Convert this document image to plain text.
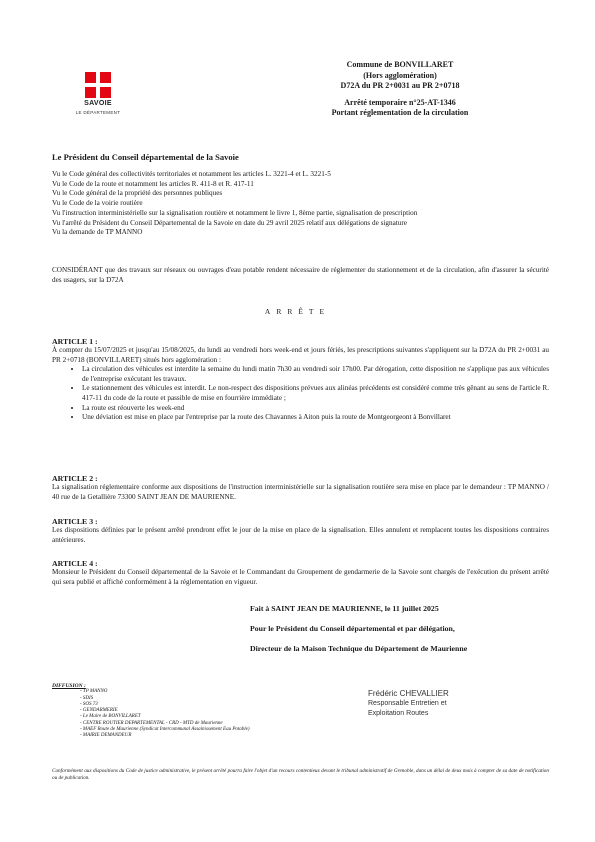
SAVOIE
LE DÉPARTEMENT
Commune de BONVILLARET
(Hors agglomération)
D72A du PR 2+0031 au PR 2+0718
Arrêté temporaire n°25-AT-1346
Portant réglementation de la circulation
Le Président du Conseil départemental de la Savoie
Vu le Code général des collectivités territoriales et notamment les articles L. 3221-4 et L. 3221-5
Vu le Code de la route et notamment les articles R. 411-8 et R. 417-11
Vu le Code général de la propriété des personnes publiques
Vu le Code de la voirie routière
Vu l'instruction interministérielle sur la signalisation routière et notamment le livre 1, 8ème partie, signalisation de prescription
Vu l'arrêté du Président du Conseil Départemental de la Savoie en date du 29 avril 2025 relatif aux délégations de signature
Vu la demande de TP MANNO
CONSIDÉRANT que des travaux sur réseaux ou ouvrages d'eau potable rendent nécessaire de réglementer du stationnement et de la circulation, afin d'assurer la sécurité des usagers, sur la D72A
ARRÊTE
ARTICLE 1 :
À compter du 15/07/2025 et jusqu'au 15/08/2025, du lundi au vendredi hors week-end et jours fériés, les prescriptions suivantes s'appliquent sur la D72A du PR 2+0031 au PR 2+0718 (BONVILLARET) situés hors agglomération :
• La circulation des véhicules est interdite la semaine du lundi matin 7h30 au vendredi soir 17h00. Par dérogation, cette disposition ne s'applique pas aux véhicules de l'entreprise exécutant les travaux.
• Le stationnement des véhicules est interdit. Le non-respect des dispositions prévues aux alinéas précédents est considéré comme très gênant au sens de l'article R. 417-11 du code de la route et passible de mise en fourrière immédiate ;
• La route est réouverte les week-end
• Une déviation est mise en place par l'entreprise par la route des Chavannes à Aiton puis la route de Montgeorgeont à Bonvillaret
ARTICLE 2 :
La signalisation réglementaire conforme aux dispositions de l'instruction interministérielle sur la signalisation routière sera mise en place par le demandeur : TP MANNO / 40 rue de la Getallière 73300 SAINT JEAN DE MAURIENNE.
ARTICLE 3 :
Les dispositions définies par le présent arrêté prendront effet le jour de la mise en place de la signalisation. Elles annulent et remplacent toutes les dispositions contraires antérieures.
ARTICLE 4 :
Monsieur le Président du Conseil départemental de la Savoie et le Commandant du Groupement de gendarmerie de la Savoie sont chargés de l'exécution du présent arrêté qui sera publié et affiché conformément à la réglementation en vigueur.
Fait à SAINT JEAN DE MAURIENNE, le 11 juillet 2025
Pour le Président du Conseil départemental et par délégation,
Directeur de la Maison Technique du Département de Maurienne
DIFFUSION :
- TP MANNO
- SDIS
- SOS 73
- GENDARMERIE
- Le Maire de BONVILLARET
- CENTRE ROUTIER DEPARTEMENTAL - CRD - MTD de Maurienne
- MAEF Route de Maurienne (Syndicat Intercommunal Assainissement Eau Potable)
- MAIRIE DEMANDEUR
Frédéric CHEVALLIER
Responsable Entretien et
Exploitation Routes
Conformément aux dispositions du Code de justice administrative, le présent arrêté pourra faire l'objet d'un recours contentieux devant le tribunal administratif de Grenoble, dans un délai de deux mois à compter de sa date de notification ou de publication.
